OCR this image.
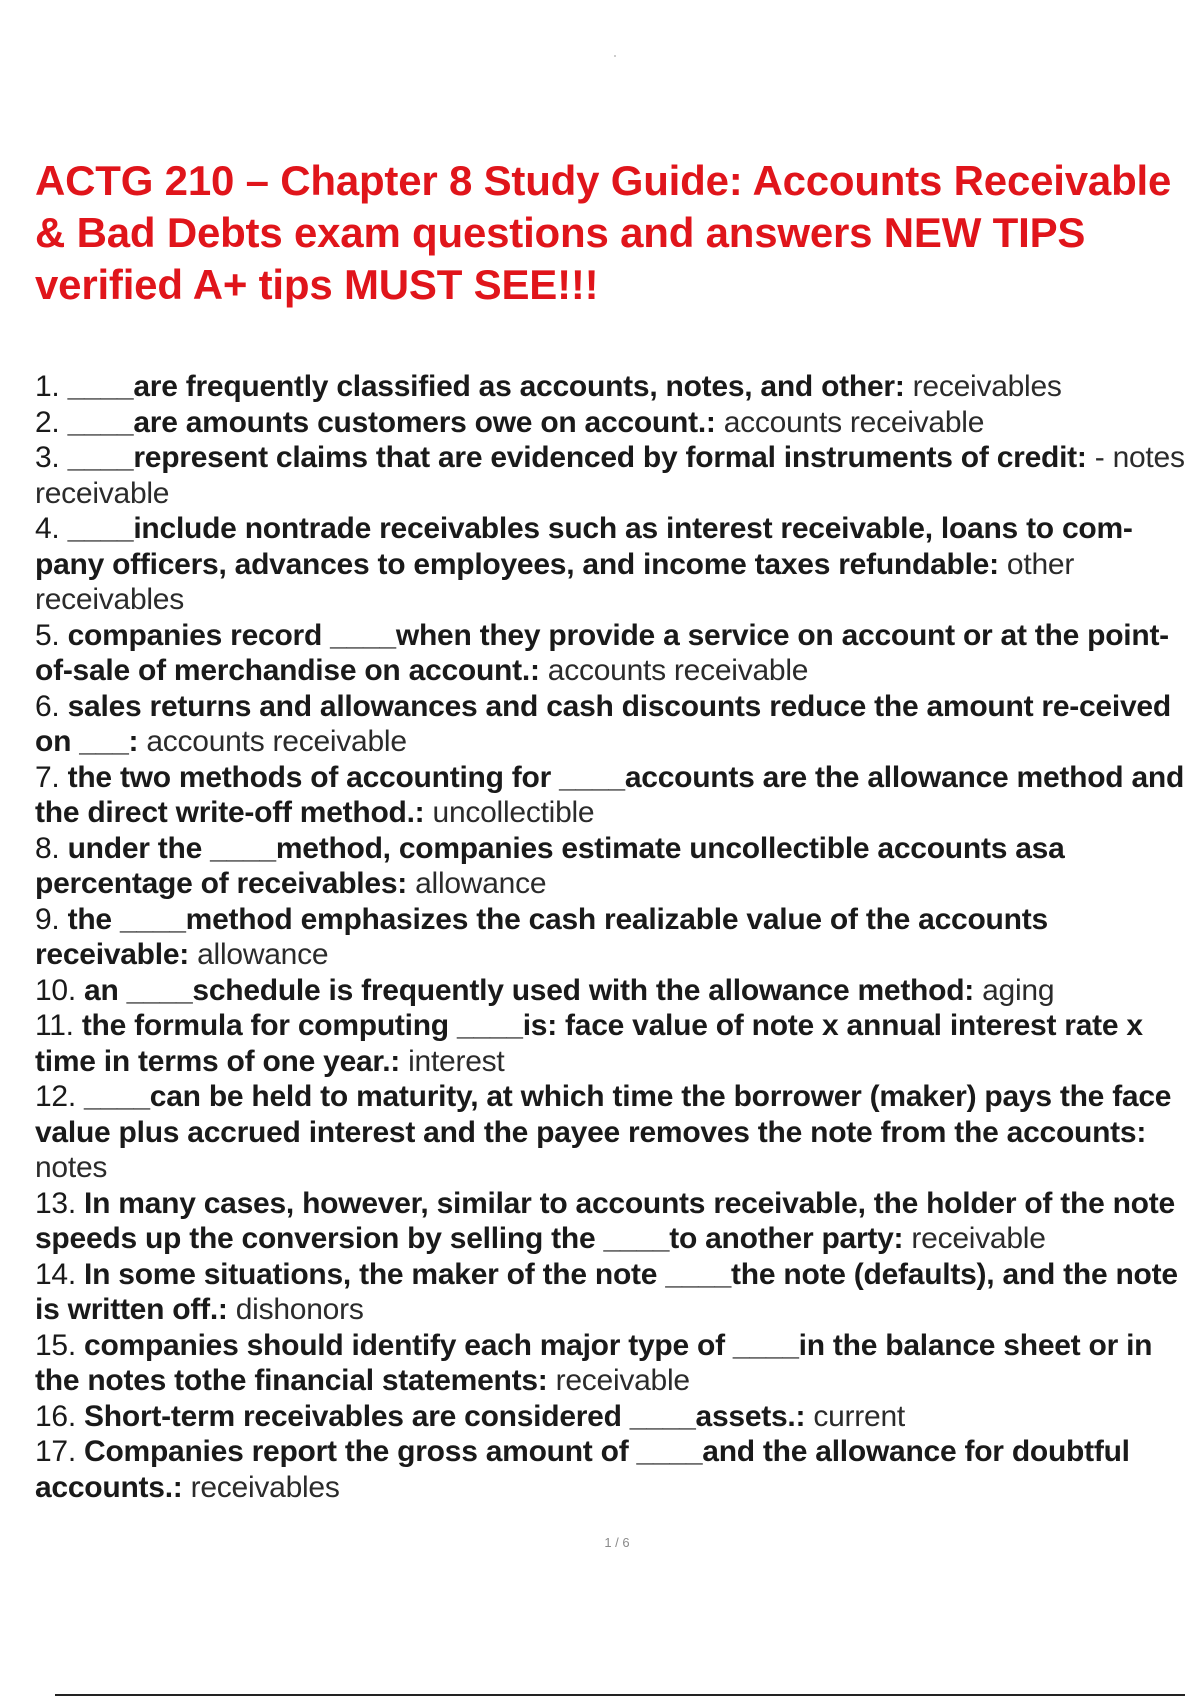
ACTG 210 – Chapter 8 Study Guide: Accounts Receivable & Bad Debts exam questions and answers NEW TIPS verified A+ tips MUST SEE!!!
1. ____are frequently classified as accounts, notes, and other: receivables
2. ____are amounts customers owe on account.: accounts receivable
3. ____represent claims that are evidenced by formal instruments of credit: - notes receivable
4. ____include nontrade receivables such as interest receivable, loans to com-pany officers, advances to employees, and income taxes refundable: other receivables
5. companies record ____when they provide a service on account or at the point-of-sale of merchandise on account.: accounts receivable
6. sales returns and allowances and cash discounts reduce the amount re-ceived on ___: accounts receivable
7. the two methods of accounting for ____accounts are the allowance method and the direct write-off method.: uncollectible
8. under the ____method, companies estimate uncollectible accounts asa percentage of receivables: allowance
9. the ____method emphasizes the cash realizable value of the accounts receivable: allowance
10. an ____schedule is frequently used with the allowance method: aging
11. the formula for computing ____is: face value of note x annual interest rate x time in terms of one year.: interest
12. ____can be held to maturity, at which time the borrower (maker) pays the face value plus accrued interest and the payee removes the note from the accounts: notes
13. In many cases, however, similar to accounts receivable, the holder of the note speeds up the conversion by selling the ____to another party: receivable
14. In some situations, the maker of the note ____the note (defaults), and the note is written off.: dishonors
15. companies should identify each major type of ____in the balance sheet or in the notes tothe financial statements: receivable
16. Short-term receivables are considered ____assets.: current
17. Companies report the gross amount of ____and the allowance for doubtful accounts.: receivables
1 / 6
